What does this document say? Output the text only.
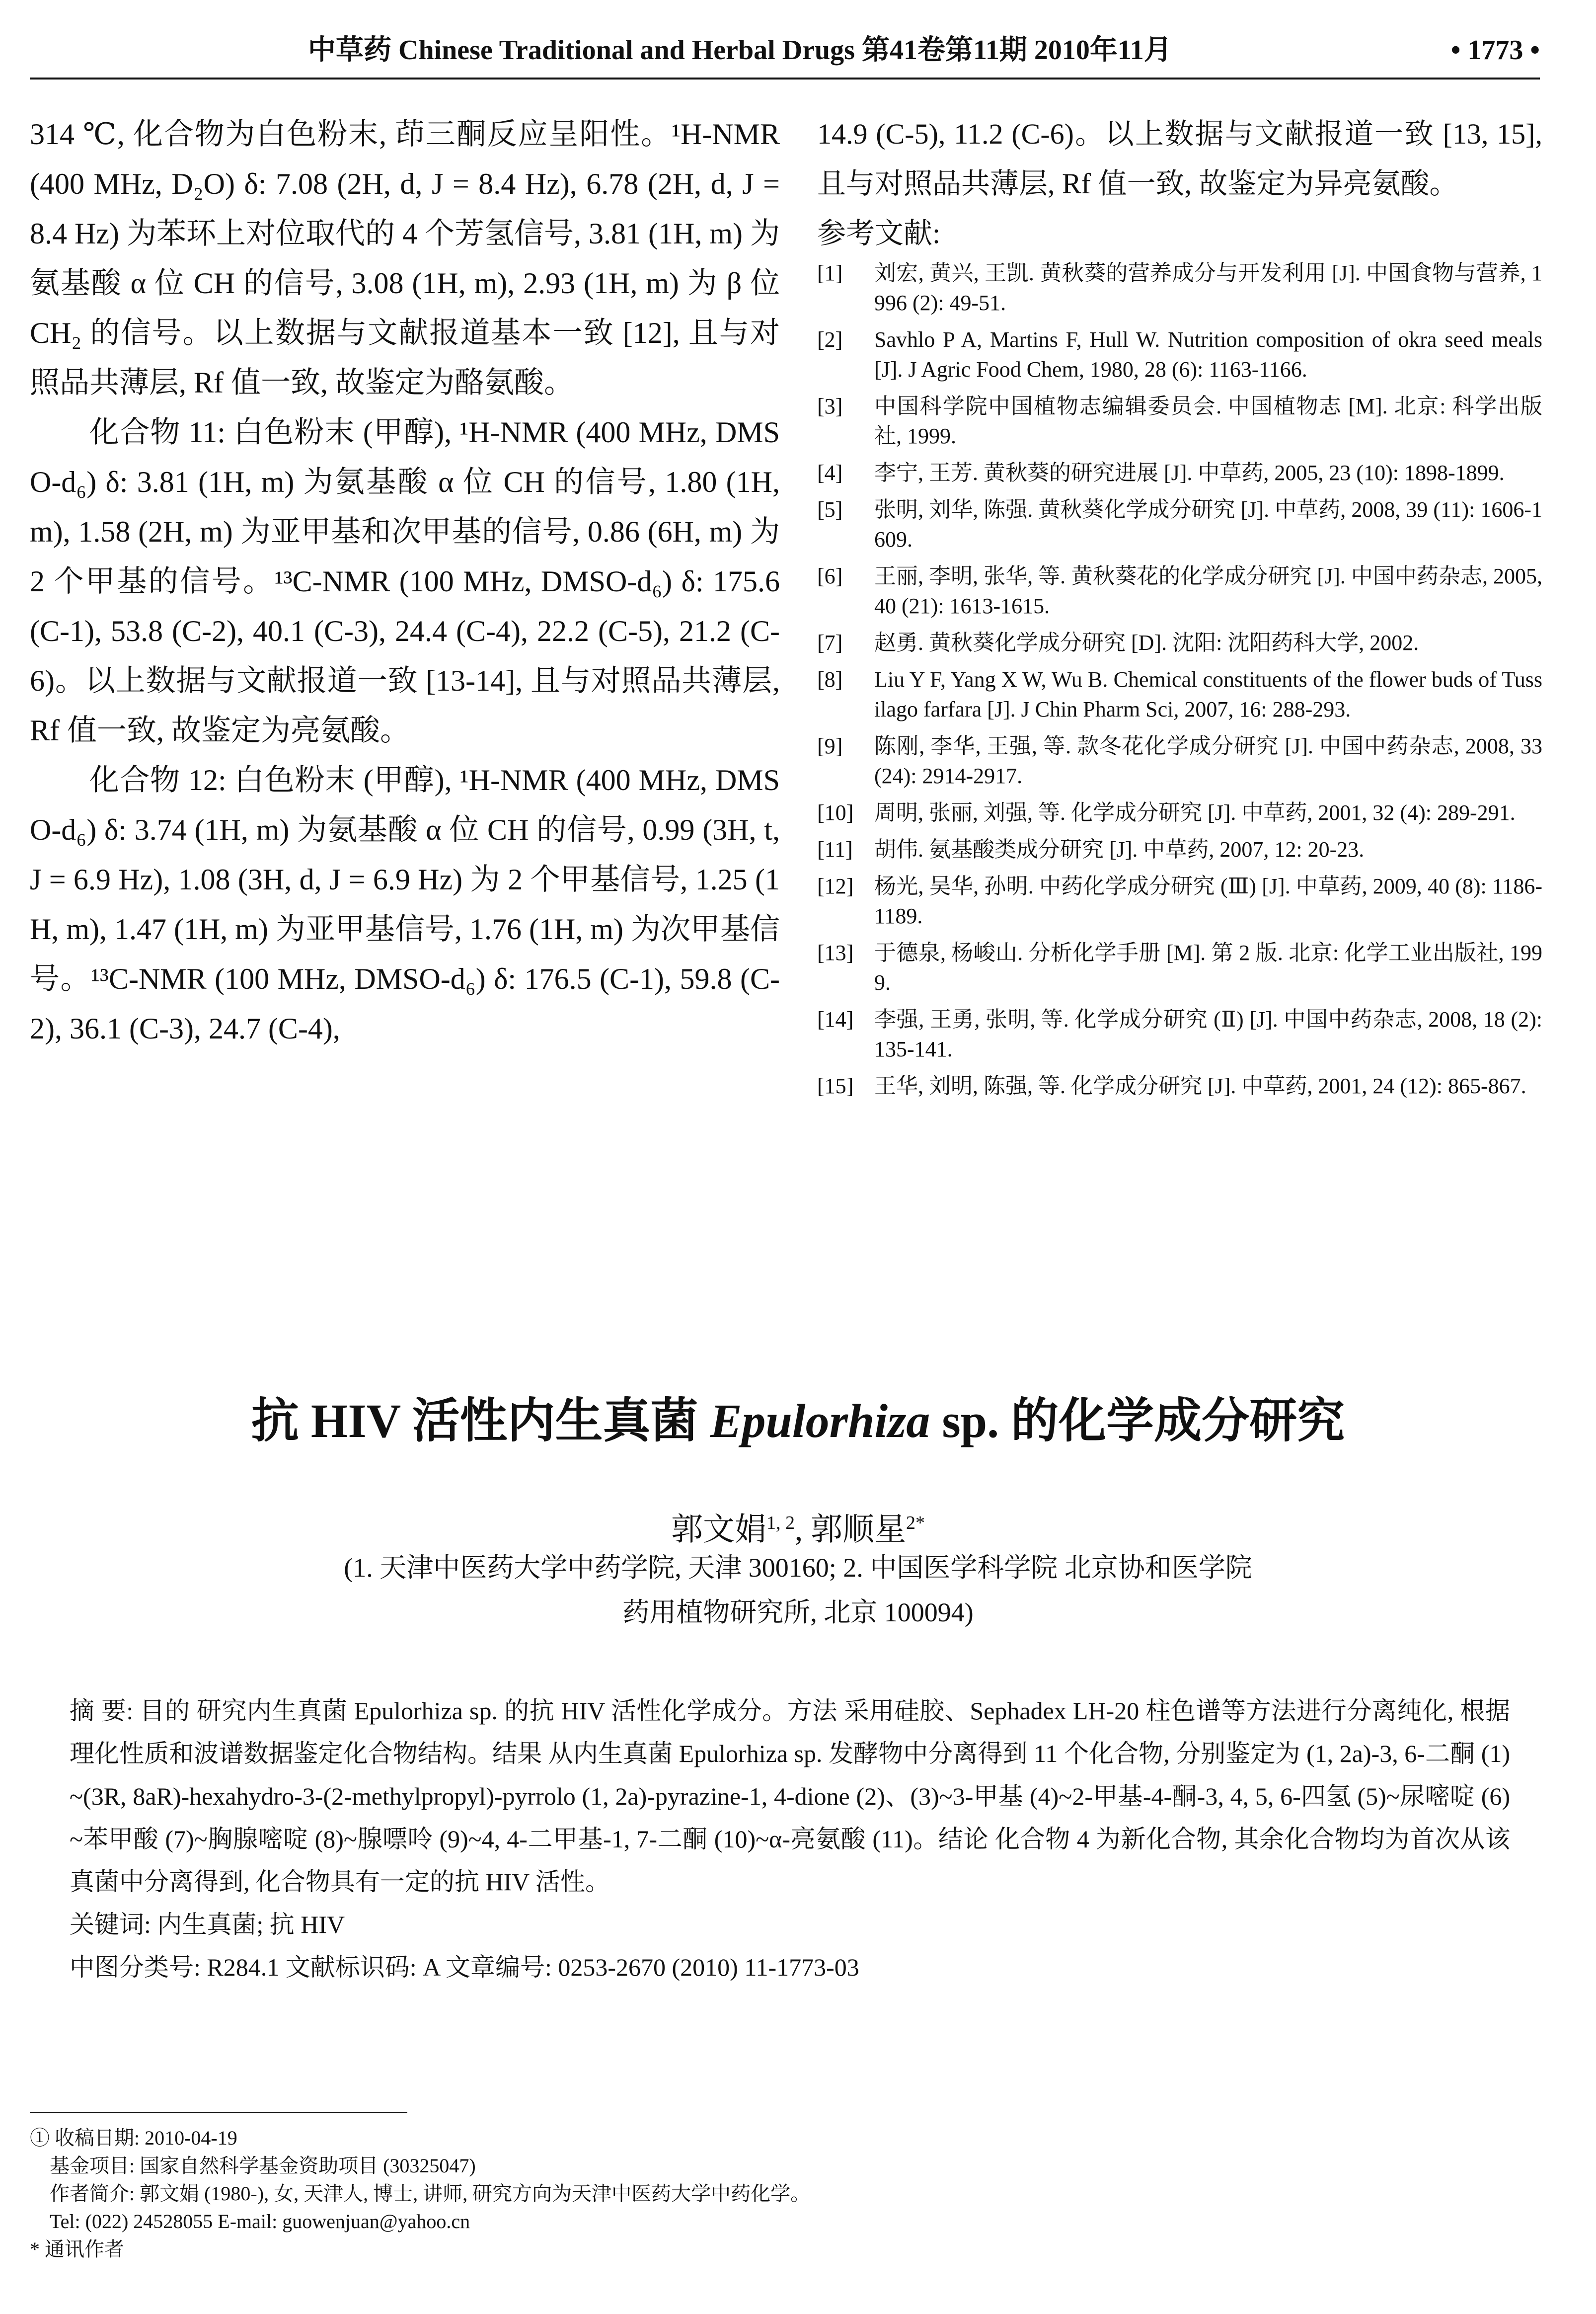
中草药 Chinese Traditional and Herbal Drugs 第41卷第11期 2010年11月	• 1773 •

314 ℃, 化合物为白色粉末, 茚三酮反应呈阳性。¹H-NMR (400 MHz, D₂O) δ: 7.08 (2H, d, J = 8.4 Hz), 6.78 (2H, d, J = 8.4 Hz) 为苯环上对位取代的 4 个芳氢信号, 3.81 (1H, m) 为氨基酸 α 位 CH 的信号, 3.08 (1H, m), 2.93 (1H, m) 为 β 位 CH₂ 的信号。以上数据与文献报道基本一致 [12], 且与对照品共薄层, Rf 值一致, 故鉴定为酪氨酸。

化合物 11: 白色粉末 (甲醇), ¹H-NMR (400 MHz, DMSO-d₆) δ: 3.81 (1H, m) 为氨基酸 α 位 CH 的信号, 1.80 (1H, m), 1.58 (2H, m) 为亚甲基和次甲基的信号, 0.86 (6H, m) 为 2 个甲基的信号。¹³C-NMR (100 MHz, DMSO-d₆) δ: 175.6 (C-1), 53.8 (C-2), 40.1 (C-3), 24.4 (C-4), 22.2 (C-5), 21.2 (C-6)。以上数据与文献报道一致 [13-14], 且与对照品共薄层, Rf 值一致, 故鉴定为亮氨酸。

化合物 12: 白色粉末 (甲醇), ¹H-NMR (400 MHz, DMSO-d₆) δ: 3.74 (1H, m) 为氨基酸 α 位 CH 的信号, 0.99 (3H, t, J = 6.9 Hz), 1.08 (3H, d, J = 6.9 Hz) 为 2 个甲基信号, 1.25 (1H, m), 1.47 (1H, m) 为亚甲基信号, 1.76 (1H, m) 为次甲基信号。¹³C-NMR (100 MHz, DMSO-d₆) δ: 176.5 (C-1), 59.8 (C-2), 36.1 (C-3), 24.7 (C-4),

14.9 (C-5), 11.2 (C-6)。以上数据与文献报道一致 [13, 15], 且与对照品共薄层, Rf 值一致, 故鉴定为异亮氨酸。

参考文献:

[1] 刘宏, 黄兴, 王凯. 黄秋葵的营养成分与开发利用 [J]. 中国食物与营养, 1996 (2): 49-51.
[2] Savhlo P A, Martins F, Hull W. Nutrition composition of okra seed meals [J]. J Agric Food Chem, 1980, 28 (6): 1163-1166.
[3] 中国科学院中国植物志编辑委员会. 中国植物志 [M]. 北京: 科学出版社, 1999.
[4] 李宁, 王芳. 黄秋葵的研究进展 [J]. 中草药, 2005, 23 (10): 1898-1899.
[5] 张明, 刘华, 陈强. 黄秋葵化学成分研究 [J]. 中草药, 2008, 39 (11): 1606-1609.
[6] 王丽, 李明, 张华, 等. 黄秋葵花的化学成分研究 [J]. 中国中药杂志, 2005, 40 (21): 1613-1615.
[7] 赵勇. 黄秋葵化学成分研究 [D]. 沈阳: 沈阳药科大学, 2002.
[8] Liu Y F, Yang X W, Wu B. Chemical constituents of the flower buds of Tussilago farfara [J]. J Chin Pharm Sci, 2007, 16: 288-293.
[9] 陈刚, 李华, 王强, 等. 款冬花化学成分研究 [J]. 中国中药杂志, 2008, 33 (24): 2914-2917.
[10] 周明, 张丽, 刘强, 等. 化学成分研究 [J]. 中草药, 2001, 32 (4): 289-291.
[11] 胡伟. 氨基酸类成分研究 [J]. 中草药, 2007, 12: 20-23.
[12] 杨光, 吴华, 孙明. 中药化学成分研究 (Ⅲ) [J]. 中草药, 2009, 40 (8): 1186-1189.
[13] 于德泉, 杨峻山. 分析化学手册 [M]. 第 2 版. 北京: 化学工业出版社, 1999.
[14] 李强, 王勇, 张明, 等. 化学成分研究 (Ⅱ) [J]. 中国中药杂志, 2008, 18 (2): 135-141.
[15] 王华, 刘明, 陈强, 等. 化学成分研究 [J]. 中草药, 2001, 24 (12): 865-867.
抗 HIV 活性内生真菌 Epulorhiza sp. 的化学成分研究
郭文娟$^{1, 2}$, 郭顺星$^{2*}$
(1. 天津中医药大学中药学院, 天津 300160; 2. 中国医学科学院 北京协和医学院
药用植物研究所, 北京 100094)

摘 要: 目的 研究内生真菌 Epulorhiza sp. 的抗 HIV 活性化学成分。方法 采用硅胶、Sephadex LH-20 柱色谱等方法进行分离纯化, 根据理化性质和波谱数据鉴定化合物结构。结果 从内生真菌 Epulorhiza sp. 发酵物中分离得到 11 个化合物, 分别鉴定为 (1, 2a)-3, 6-二酮 (1)~(3R, 8aR)-hexahydro-3-(2-methylpropyl)-pyrrolo (1, 2a)-pyrazine-1, 4-dione (2)、(3)~3-甲基 (4)~2-甲基-4-酮-3, 4, 5, 6-四氢 (5)~尿嘧啶 (6)~苯甲酸 (7)~胸腺嘧啶 (8)~腺嘌呤 (9)~4, 4-二甲基-1, 7-二酮 (10)~α-亮氨酸 (11)。结论 化合物 4 为新化合物, 其余化合物均为首次从该真菌中分离得到, 化合物具有一定的抗 HIV 活性。

关键词: 内生真菌; 抗 HIV

中图分类号: R284.1 文献标识码: A 文章编号: 0253-2670 (2010) 11-1773-03

① 收稿日期: 2010-04-19

基金项目: 国家自然科学基金资助项目 (30325047)

作者简介: 郭文娟 (1980-), 女, 天津人, 博士, 讲师, 研究方向为天津中医药大学中药化学。

Tel: (022) 24528055 E-mail: guowenjuan@yahoo.cn

* 通讯作者
